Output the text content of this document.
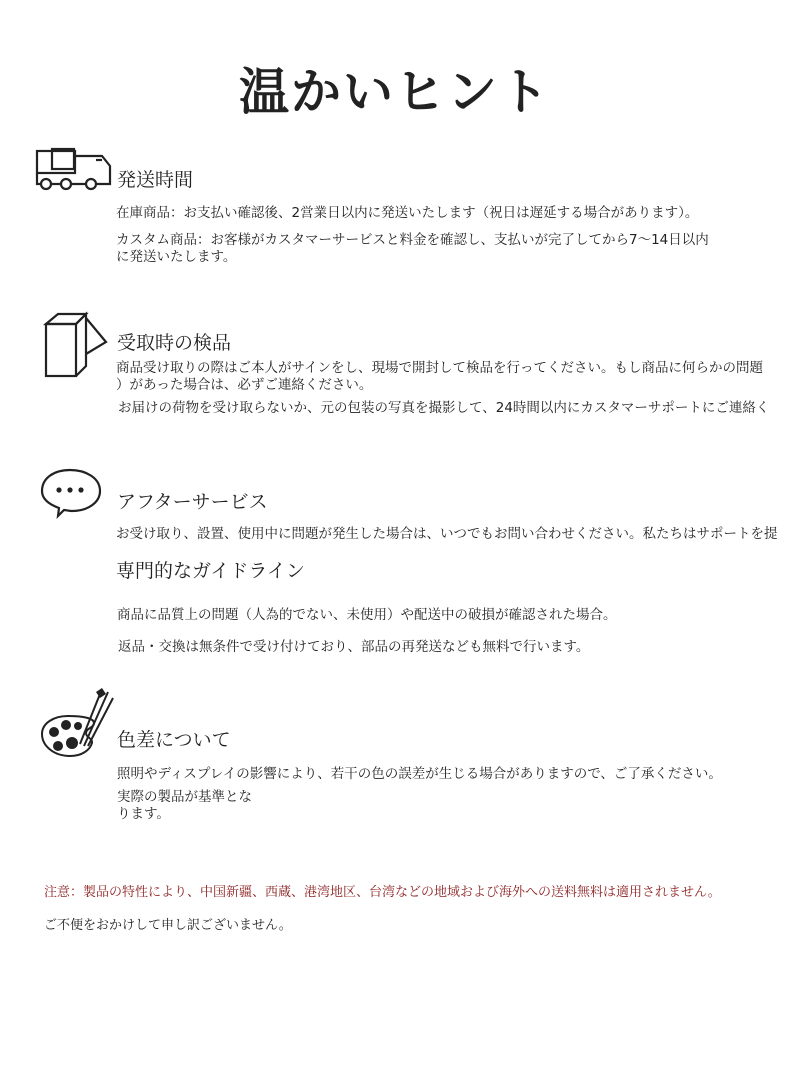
温かいヒント
発送時間
在庫商品：お支払い確認後、2営業日以内に発送いたします（祝日は遅延する場合があります）。
カスタム商品：お客様がカスタマーサービスと料金を確認し、支払いが完了してから7〜14日以内
に発送いたします。
受取時の検品
商品受け取りの際はご本人がサインをし、現場で開封して検品を行ってください。もし商品に何らかの問題
）があった場合は、必ずご連絡ください。
お届けの荷物を受け取らないか、元の包装の写真を撮影して、24時間以内にカスタマーサポートにご連絡く
アフターサービス
お受け取り、設置、使用中に問題が発生した場合は、いつでもお問い合わせください。私たちはサポートを提
専門的なガイドライン
商品に品質上の問題（人為的でない、未使用）や配送中の破損が確認された場合。
返品・交換は無条件で受け付けており、部品の再発送なども無料で行います。
色差について
照明やディスプレイの影響により、若干の色の誤差が生じる場合がありますので、ご了承ください。
実際の製品が基準とな
ります。
注意：製品の特性により、中国新疆、西蔵、港湾地区、台湾などの地域および海外への送料無料は適用されません。
ご不便をおかけして申し訳ございません。
